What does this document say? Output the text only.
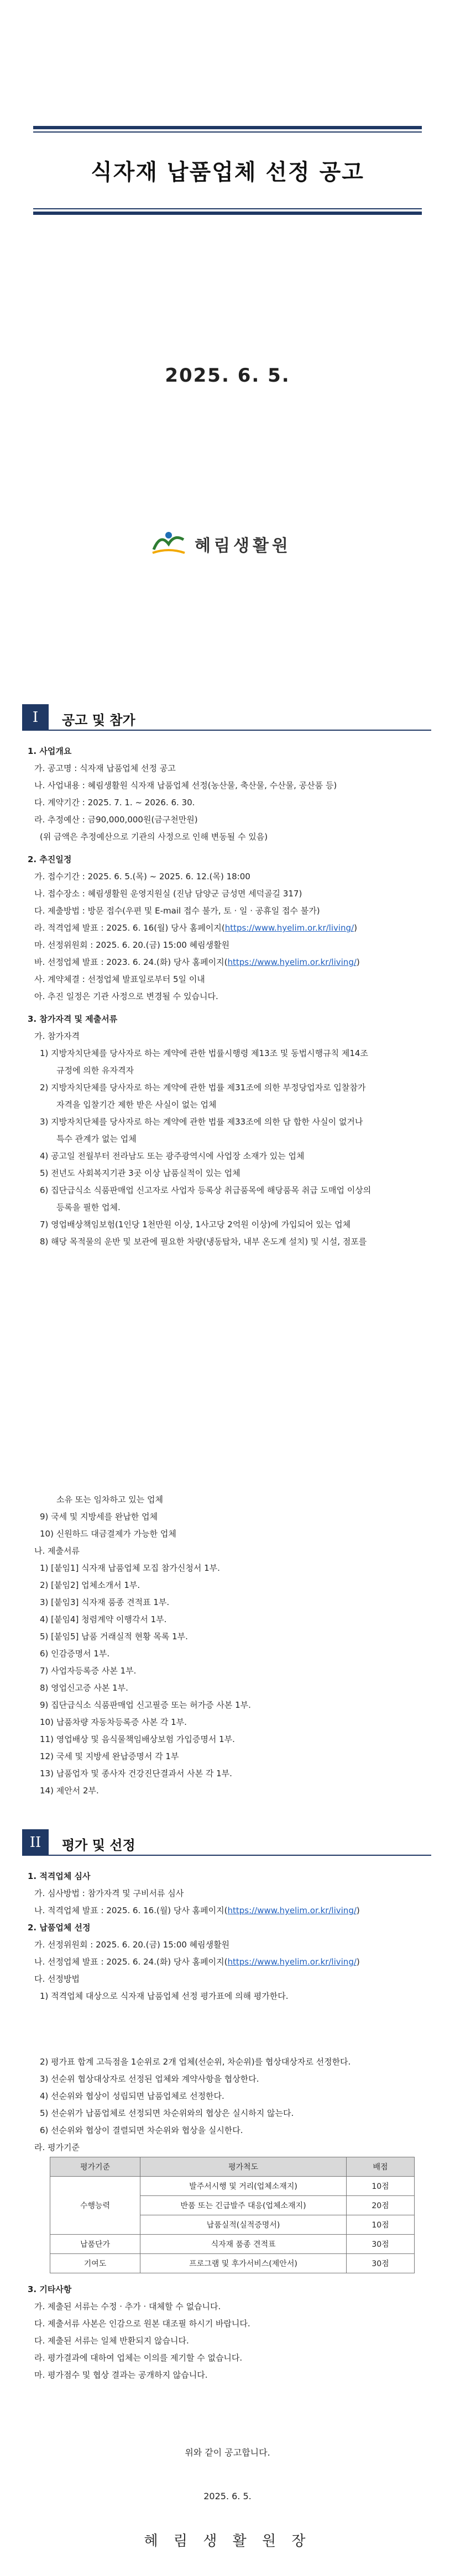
식자재 납품업체 선정 공고
2025. 6. 5.
혜림생활원
I	공고 및 참가
1. 사업개요
가. 공고명 : 식자재 납품업체 선정 공고
나. 사업내용 : 혜림생활원 식자재 납품업체 선정(농산물, 축산물, 수산물, 공산품 등)
다. 계약기간 : 2025. 7. 1. ~ 2026. 6. 30.
라. 추정예산 : 금90,000,000원(금구천만원)
(위 금액은 추정예산으로 기관의 사정으로 인해 변동될 수 있음)
2. 추진일정
가. 접수기간 : 2025. 6. 5.(목) ~ 2025. 6. 12.(목) 18:00
나. 접수장소 : 혜림생활원 운영지원실 (진남 담양군 금성면 세덕골길 317)
다. 제출방법 : 방문 접수(우편 및 E-mail 접수 불가, 토 · 일 · 공휴일 접수 불가)
라. 적격업체 발표 : 2025. 6. 16(월) 당사 홈페이지(https://www.hyelim.or.kr/living/)
마. 선정위원회 : 2025. 6. 20.(금) 15:00 혜림생활원
바. 선정업체 발표 : 2023. 6. 24.(화) 당사 홈페이지(https://www.hyelim.or.kr/living/)
사. 계약체결 : 선정업체 발표일로부터 5일 이내
아. 추진 일정은 기관 사정으로 변경될 수 있습니다.
3. 참가자격 및 제출서류
가. 참가자격
1) 지방자치단체를 당사자로 하는 계약에 관한 법률시행령 제13조 및 동법시행규칙 제14조
규정에 의한 유자격자
2) 지방자치단체를 당사자로 하는 계약에 관한 법률 제31조에 의한 부정당업자로 입찰참가
자격을 입찰기간 제한 받은 사실이 없는 업체
3) 지방자치단체를 당사자로 하는 계약에 관한 법률 제33조에 의한 담 합한 사실이 없거나
특수 관계가 없는 업체
4) 공고일 전월부터 전라남도 또는 광주광역시에 사업장 소재가 있는 업체
5) 전년도 사회복지기관 3곳 이상 납품실적이 있는 업체
6) 집단급식소 식품판매업 신고자로 사업자 등록상 취급품목에 해당품목 취급 도매업 이상의
등록을 필한 업체.
7) 영업배상책임보험(1인당 1천만원 이상, 1사고당 2억원 이상)에 가입되어 있는 업체
8) 해당 목적물의 운반 및 보관에 필요한 차량(냉동탑차, 내부 온도계 설치) 및 시설, 점포를
소유 또는 임차하고 있는 업체
9) 국세 및 지방세를 완납한 업체
10) 신원하드 대금결제가 가능한 업체
나. 제출서류
1) [붙임1] 식자재 납품업체 모집 참가신청서 1부.
2) [붙임2] 업체소개서 1부.
3) [붙임3] 식자재 품종 견적표 1부.
4) [붙임4] 청렴계약 이행각서 1부.
5) [붙임5] 납품 거래실적 현황 목록 1부.
6) 인감증명서 1부.
7) 사업자등록증 사본 1부.
8) 영업신고증 사본 1부.
9) 집단급식소 식품판매업 신고필증 또는 허가증 사본 1부.
10) 납품차량 자동차등록증 사본 각 1부.
11) 영업배상 및 음식물책임배상보험 가입증명서 1부.
12) 국세 및 지방세 완납증명서 각 1부
13) 납품업자 및 종사자 건강진단결과서 사본 각 1부.
14) 제안서 2부.
II	평가 및 선정
1. 적격업체 심사
가. 심사방법 : 참가자격 및 구비서류 심사
나. 적격업체 발표 : 2025. 6. 16.(월) 당사 홈페이지(https://www.hyelim.or.kr/living/)
2. 납품업체 선정
가. 선정위원회 : 2025. 6. 20.(금) 15:00 혜림생활원
나. 선정업체 발표 : 2025. 6. 24.(화) 당사 홈페이지(https://www.hyelim.or.kr/living/)
다. 선정방법
1) 적격업체 대상으로 식자재 납품업체 선정 평가표에 의해 평가한다.
2) 평가표 합계 고득점을 1순위로 2개 업체(선순위, 차순위)를 협상대상자로 선정한다.
3) 선순위 협상대상자로 선정된 업체와 계약사항을 협상한다.
4) 선순위와 협상이 성립되면 납품업체로 선정한다.
5) 선순위가 납품업체로 선정되면 차순위와의 협상은 실시하지 않는다.
6) 선순위와 협상이 결렬되면 차순위와 협상을 실시한다.
라. 평가기준
평가기준	평가척도	배점
수행능력	발주서시행 및 거리(업체소재지)	10점
	반품 또는 긴급발주 대응(업체소재지)	20점
	납품실적(실적증명서)	10점
납품단가	식자재 품종 견적표	30점
기여도	프로그램 및 후가서비스(제안서)	30점
3. 기타사항
가. 제출된 서류는 수정 · 추가 · 대체할 수 없습니다.
다. 제출서류 사본은 인감으로 원본 대조필 하시기 바랍니다.
다. 제출된 서류는 일체 반환되지 않습니다.
라. 평가결과에 대하여 업체는 이의를 제기할 수 없습니다.
마. 평가점수 및 협상 결과는 공개하지 않습니다.
위와 같이 공고합니다.
2025. 6. 5.
혜 림 생 활 원 장
